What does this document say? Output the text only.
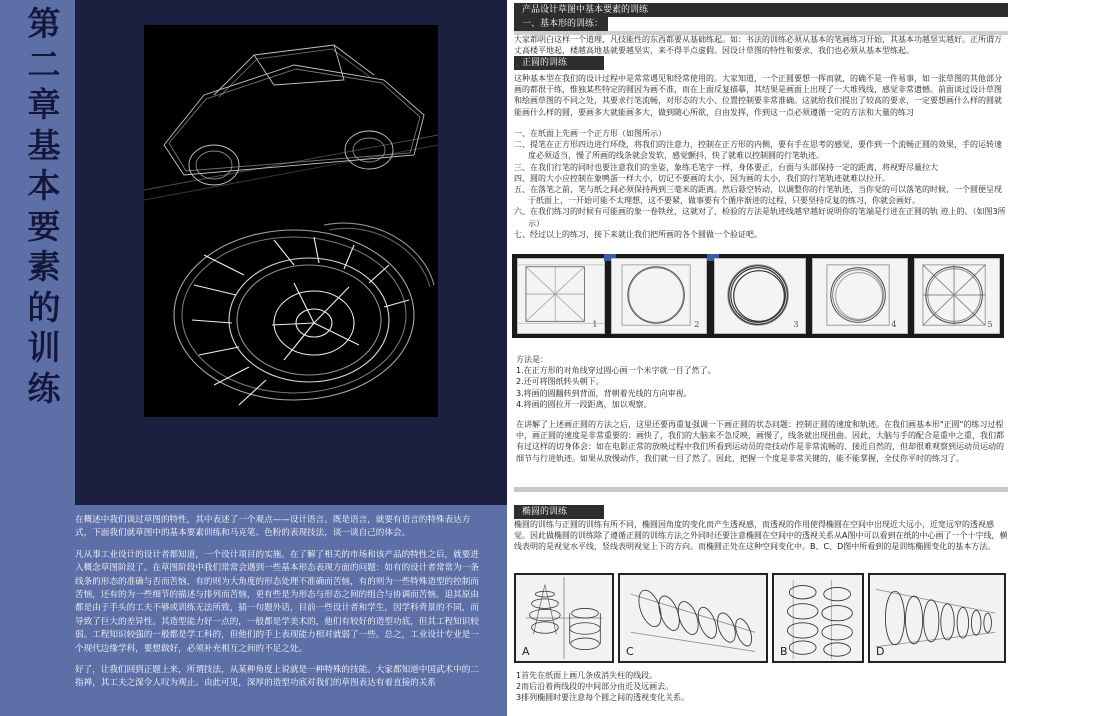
第二章 基本要素的训练

在概述中我们谈过草图的特性，其中表述了一个观点——设计语言。既是语言，就要有语言的特殊表达方式，下面我们就草图中的基本要素训练和马克笔、色粉的表现技法，谈一谈自己的体会。

凡从事工业设计的设计者都知道，一个设计项目的实施。在了解了相关的市场和该产品的特性之后，就要进入概念草图阶段了。在草图阶段中我们常常会遇到一些基本形态表现方面的问题：如有的设计者常常为一条线条的形态的准确与否而苦恼，有的则为大角度的形态处理不准确而苦恼，有的则为一些特殊造型的控制而苦恼，还有的为一些细节的描述与排列而苦恼，更有些是为形态与形态之间的组合与协调而苦恼。追其原由都是由于手头的工夫不够或训练无法所致，插一句题外话，目前一些设计者和学生，因学科背景的不同，而导致了巨大的差异性。其造型能力好一点的，一般都是学美术的，他们有较好的造型功底，但其工程知识较弱。工程知识较强的一般都是学工科的，但他们的手上表现能力相对就弱了一些。总之，工业设计专业是一个现代边缘学科，要想做好，必须补充相互之间的不足之处。

好了，让我们回到正题上来，所谓技法，从某种角度上说就是一种特殊的技能。大家都知道中国武术中的二指禅，其工夫之深令人叹为观止。由此可见，深厚的造型功底对我们的草图表达有着直接的关系

产品设计草图中基本要素的训练
一、基本形的训练：
大家都明白这样一个道理，凡技能性的东西都要从基础练起。如：书法的训练必须从基本的笔画练习开始，其基本功越坚实越好。正所谓万丈高楼平地起，楼越高地基就要越坚实，来不得半点虚假。因设计草图的特性和要求，我们也必须从基本型练起。
正圆的训练
这种基本型在我们的设计过程中是常常遇见和经常使用的。大家知道，一个正圆要想一挥而就，的确不是一件易事，如一张草图的其他部分画的都很干练，惟独某些特定的圆因为画不准，而在上面反复描摹，其结果是画面上出现了一大堆残线，感觉非常遗憾。前面谈过设计草图和绘画草图的不同之处，其要求行笔流畅，对形态的大小、位置控制要非常准确。这就给我们提出了较高的要求，一定要想画什么样的圆就能画什么样的圆，要画多大就能画多大，做到随心所欲，自由发挥，作到这一点必须遵循一定的方法和大量的练习
一、在纸面上先画一个正方形（如图所示）
二、提笔在正方形四边进行环绕，将我们的注意力，控制在正方形的内侧，要有手在思考的感觉，要作到一个流畅正圆的效果，手的运转速度必须适当，慢了所画的线条就会发软，感觉颤抖，快了就难以控制圆的行笔轨迹。
三、在我们行笔的同时也要注意我们的坐姿，象练毛笔字一样，身体要正，台面与头部保持一定的距离，将视野尽量拉大
四、圆的大小应控制在象鸭蛋一样大小，切记不要画的太小，因为画的太小，我们的行笔轨迹就难以拉开。
五、在落笔之前，笔与纸之间必须保持两到三毫米的距离。然后悬空转动，以调整你的行笔轨迹，当你觉的可以落笔的时候，一个圆便呈现于纸面上，一开始可能不太理想，这不要紧，做事要有个循序渐进的过程，只要坚持反复的练习，你就会画好。
六、在我们练习的时候有可能画的象一卷铁丝，这就对了，检验的方法是轨迹线越窄越好说明你的笔端是行进在正圆的轨 迹上的。（如图3所示）
七、经过以上的练习，接下来就让我们把所画的各个圆做一个验证吧。
1	2	3	4	5
方法是：
1.在正方形的对角线穿过圆心画一个米字就一目了然了。
2.还可将图纸转头朝下。
3.将画的圆翻转到背面，背朝着光线的方向审视。
4.将画的圆拉开一段距离，加以观察。
在讲解了上述画正圆的方法之后，这里还要再重复强调一下画正圆的状态问题：控制正圆的速度和轨迹。在我们画基本形"正圆"的练习过程中，画正圆的速度是非常重要的：画快了，我们的大脑来不急反映，画慢了，线条就出现扭曲。因此，大脑与手的配合是重中之重，我们都有过这样的切身体会：如在电影正常的放映过程中我们所看到运动员的竞技动作是非常流畅的、接近自然的，但却很难观察到运动员运动的细节与行进轨迹。如果从放慢动作，我们就一目了然了。因此，把握一个度是非常关键的，能不能掌握，全仗你平时的练习了。
椭圆的训练
椭圆的训练与正圆的训练有所不同，椭圆因角度的变化而产生透视感，而透视的作用使得椭圆在空间中出现近大远小，近宽远窄的透视感觉。因此做椭圆的训练除了遵循正圆的训练方法之外同时还要注意椭圆在空间中的透视关系从A图中可以看到在纸的中心画了一个十字线，横线表明的是视觉水平线，竖线表明视觉上下的方向。而椭圆正处在这种空间变化中。B、C、D图中所看到的是训练椭圆变化的基本方法。
A	C	B	D
1首先在纸面上画几条成消失柱的线段。
2而后沿着两线段的中间部分由近及远画去。
3排列椭圆时要注意每个圆之间的透视变化关系。
